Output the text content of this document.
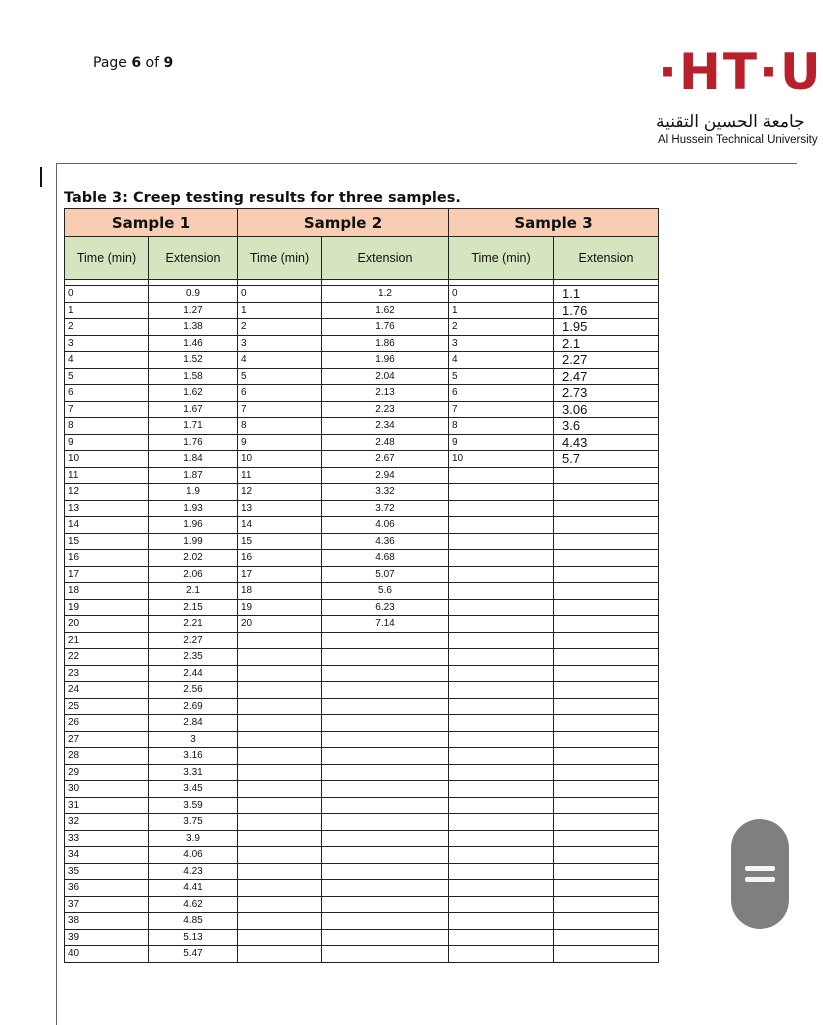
Page 6 of 9	·HT·U
جامعة الحسين التقنية
Al Hussein Technical University
Table 3: Creep testing results for three samples.
Sample 1		Sample 2		Sample 3	
Time (min)	Extension	Time (min)	Extension	Time (min)	Extension

0	0.9	0	1.2	0	1.1
1	1.27	1	1.62	1	1.76
2	1.38	2	1.76	2	1.95
3	1.46	3	1.86	3	2.1
4	1.52	4	1.96	4	2.27
5	1.58	5	2.04	5	2.47
6	1.62	6	2.13	6	2.73
7	1.67	7	2.23	7	3.06
8	1.71	8	2.34	8	3.6
9	1.76	9	2.48	9	4.43
10	1.84	10	2.67	10	5.7
11	1.87	11	2.94		
12	1.9	12	3.32		
13	1.93	13	3.72		
14	1.96	14	4.06		
15	1.99	15	4.36		
16	2.02	16	4.68		
17	2.06	17	5.07		
18	2.1	18	5.6		
19	2.15	19	6.23		
20	2.21	20	7.14		
21	2.27				
22	2.35				
23	2.44				
24	2.56				
25	2.69				
26	2.84				
27	3				
28	3.16				
29	3.31				
30	3.45				
31	3.59				
32	3.75				
33	3.9				
34	4.06				
35	4.23				
36	4.41				
37	4.62				
38	4.85				
39	5.13				
40	5.47				
